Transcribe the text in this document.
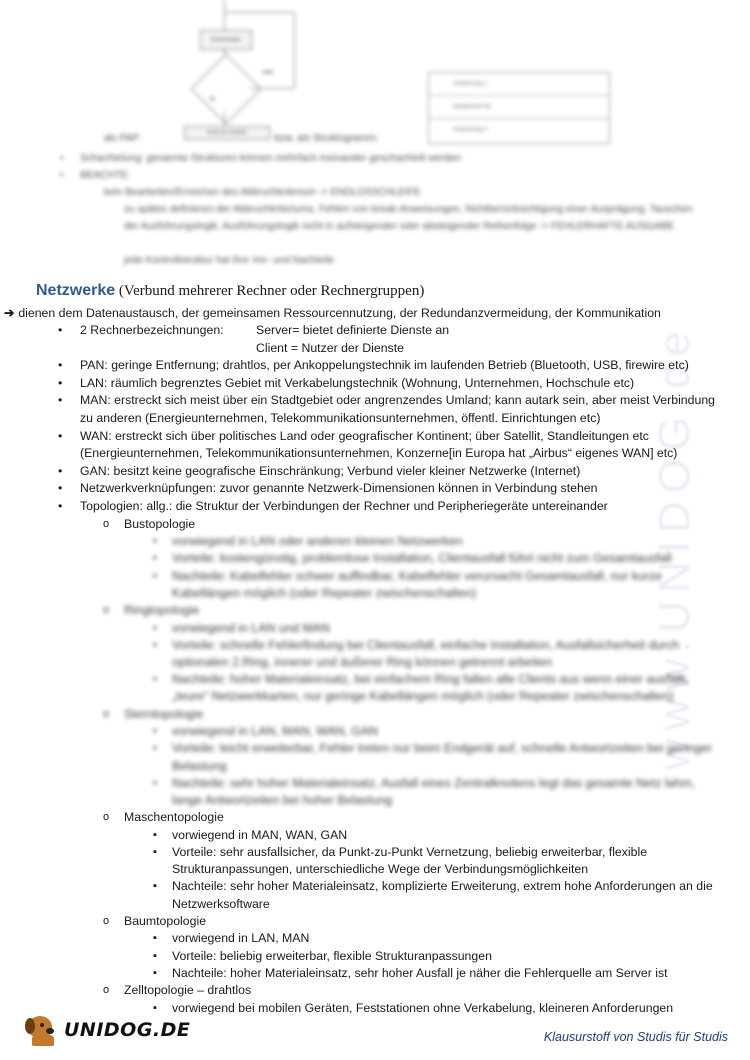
Anweisungen
nein
ja
Ende der Schleife
Anweisung 1
wiederhole bis
Anweisung 2
als PAP:	bzw. als Struktogramm:
• Schachtelung: genannte Strukturen können mehrfach ineinander geschachtelt werden
• BEACHTE:
kein Bearbeiten/Erreichen des Abbruchkriterium -> ENDLOSSCHLEIFE
zu spätes definieren der Abbruchkriteriums, Fehlen von break-Anweisungen, Nichtberücksichtigung einer Ausprägung, Tauschen der Ausführungslogik, Ausführungslogik nicht in aufsteigender oder absteigender Reihenfolge -> FEHLERHAFTE AUSGABE
jede Kontrollstruktur hat ihre Vor- und Nachteile
www.UNIDOG.de
Netzwerke (Verbund mehrerer Rechner oder Rechnergruppen)
➔ dienen dem Datenaustausch, der gemeinsamen Ressourcennutzung, der Redundanzvermeidung, der Kommunikation
• 2 Rechnerbezeichnungen:	Server= bietet definierte Dienste an
Client = Nutzer der Dienste
• PAN: geringe Entfernung; drahtlos, per Ankoppelungstechnik im laufenden Betrieb (Bluetooth, USB, firewire etc)
• LAN: räumlich begrenztes Gebiet mit Verkabelungstechnik (Wohnung, Unternehmen, Hochschule etc)
• MAN: erstreckt sich meist über ein Stadtgebiet oder angrenzendes Umland; kann autark sein, aber meist Verbindung zu anderen (Energieunternehmen, Telekommunikationsunternehmen, öffentl. Einrichtungen etc)
• WAN: erstreckt sich über politisches Land oder geografischer Kontinent; über Satellit, Standleitungen etc (Energieunternehmen, Telekommunikationsunternehmen, Konzerne[in Europa hat „Airbus“ eigenes WAN] etc)
• GAN: besitzt keine geografische Einschränkung; Verbund vieler kleiner Netzwerke (Internet)
• Netzwerkverknüpfungen: zuvor genannte Netzwerk-Dimensionen können in Verbindung stehen
• Topologien: allg.: die Struktur der Verbindungen der Rechner und Peripheriegeräte untereinander
o Bustopologie
▪ vorwiegend in LAN oder anderen kleinen Netzwerken
▪ Vorteile: kostengünstig, problemlose Installation, Clientausfall führt nicht zum Gesamtausfall
▪ Nachteile: Kabelfehler schwer auffindbar, Kabelfehler verursacht Gesamtausfall, nur kurze Kabellängen möglich (oder Repeater zwischenschalten)
o Ringtopologie
▪ vorwiegend in LAN und MAN
▪ Vorteile: schnelle Fehlerfindung bei Clientausfall, einfache Installation, Ausfallsicherheit durch optionalen 2.Ring, innerer und äußerer Ring können getrennt arbeiten
▪ Nachteile: hoher Materialeinsatz, bei einfachem Ring fallen alle Clients aus wenn einer ausfällt, „teure“ Netzwerkkarten, nur geringe Kabellängen möglich (oder Repeater zwischenschalten)
o Sterntopologie
▪ vorwiegend in LAN, MAN, WAN, GAN
▪ Vorteile: leicht erweiterbar, Fehler treten nur beim Endgerät auf, schnelle Antwortzeiten bei geringer Belastung
▪ Nachteile: sehr hoher Materialeinsatz, Ausfall eines Zentralknotens legt das gesamte Netz lahm, lange Antwortzeiten bei hoher Belastung
o Maschentopologie
▪ vorwiegend in MAN, WAN, GAN
▪ Vorteile: sehr ausfallsicher, da Punkt-zu-Punkt Vernetzung, beliebig erweiterbar, flexible Strukturanpassungen, unterschiedliche Wege der Verbindungsmöglichkeiten
▪ Nachteile: sehr hoher Materialeinsatz, komplizierte Erweiterung, extrem hohe Anforderungen an die Netzwerksoftware
o Baumtopologie
▪ vorwiegend in LAN, MAN
▪ Vorteile: beliebig erweiterbar, flexible Strukturanpassungen
▪ Nachteile: hoher Materialeinsatz, sehr hoher Ausfall je näher die Fehlerquelle am Server ist
o Zelltopologie – drahtlos
▪ vorwiegend bei mobilen Geräten, Feststationen ohne Verkabelung, kleineren Anforderungen
UNIDOG.DE	Klausurstoff von Studis für Studis
